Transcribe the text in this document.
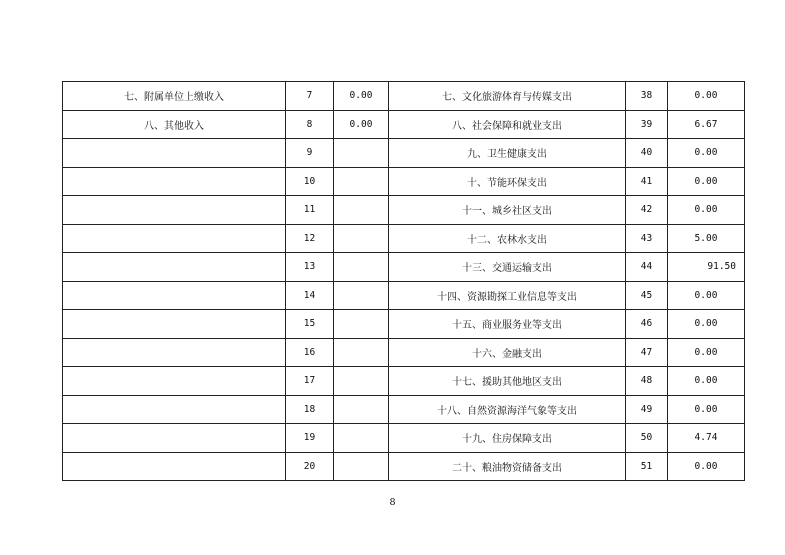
七、附属单位上缴收入	7	0.00	七、文化旅游体育与传媒支出	38	0.00
八、其他收入	8	0.00	八、社会保障和就业支出	39	6.67
	9		九、卫生健康支出	40	0.00
	10		十、节能环保支出	41	0.00
	11		十一、城乡社区支出	42	0.00
	12		十二、农林水支出	43	5.00
	13		十三、交通运输支出	44	91.50
	14		十四、资源勘探工业信息等支出	45	0.00
	15		十五、商业服务业等支出	46	0.00
	16		十六、金融支出	47	0.00
	17		十七、援助其他地区支出	48	0.00
	18		十八、自然资源海洋气象等支出	49	0.00
	19		十九、住房保障支出	50	4.74
	20		二十、粮油物资储备支出	51	0.00
8
